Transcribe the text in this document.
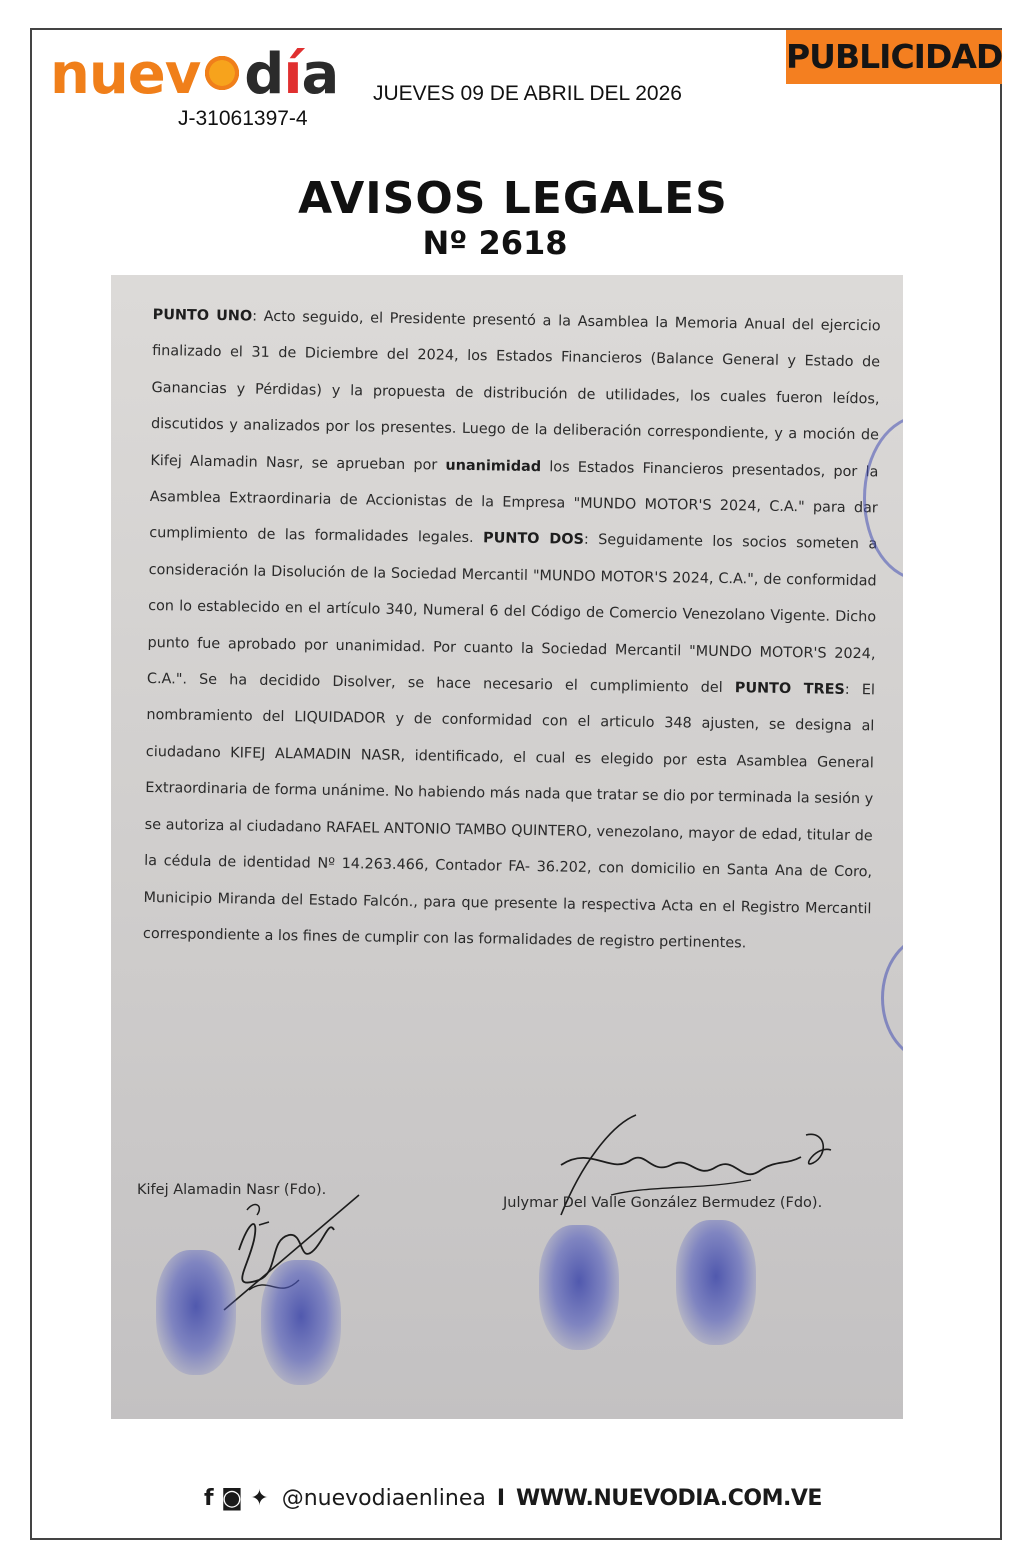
nuev día
J-31061397-4
JUEVES 09 DE ABRIL DEL 2026
PUBLICIDAD
AVISOS LEGALES
Nº 2618

PUNTO UNO: Acto seguido, el Presidente presentó a la Asamblea la Memoria Anual del ejercicio finalizado el 31 de Diciembre del 2024, los Estados Financieros (Balance General y Estado de Ganancias y Pérdidas) y la propuesta de distribución de utilidades, los cuales fueron leídos, discutidos y analizados por los presentes. Luego de la deliberación correspondiente, y a moción de Kifej Alamadin Nasr, se aprueban por unanimidad los Estados Financieros presentados, por la Asamblea Extraordinaria de Accionistas de la Empresa "MUNDO MOTOR'S 2024, C.A." para dar cumplimiento de las formalidades legales. PUNTO DOS: Seguidamente los socios someten a consideración la Disolución de la Sociedad Mercantil "MUNDO MOTOR'S 2024, C.A.", de conformidad con lo establecido en el artículo 340, Numeral 6 del Código de Comercio Venezolano Vigente. Dicho punto fue aprobado por unanimidad. Por cuanto la Sociedad Mercantil "MUNDO MOTOR'S 2024, C.A.". Se ha decidido Disolver, se hace necesario el cumplimiento del PUNTO TRES: El nombramiento del LIQUIDADOR y de conformidad con el articulo 348 ajusten, se designa al ciudadano KIFEJ ALAMADIN NASR, identificado, el cual es elegido por esta Asamblea General Extraordinaria de forma unánime. No habiendo más nada que tratar se dio por terminada la sesión y se autoriza al ciudadano RAFAEL ANTONIO TAMBO QUINTERO, venezolano, mayor de edad, titular de la cédula de identidad Nº 14.263.466, Contador FA- 36.202, con domicilio en Santa Ana de Coro, Municipio Miranda del Estado Falcón., para que presente la respectiva Acta en el Registro Mercantil correspondiente a los fines de cumplir con las formalidades de registro pertinentes.
Kifej Alamadin Nasr (Fdo).
Julymar Del Valle González Bermudez (Fdo).
f ◙ ✦ @nuevodiaenlinea I WWW.NUEVODIA.COM.VE
